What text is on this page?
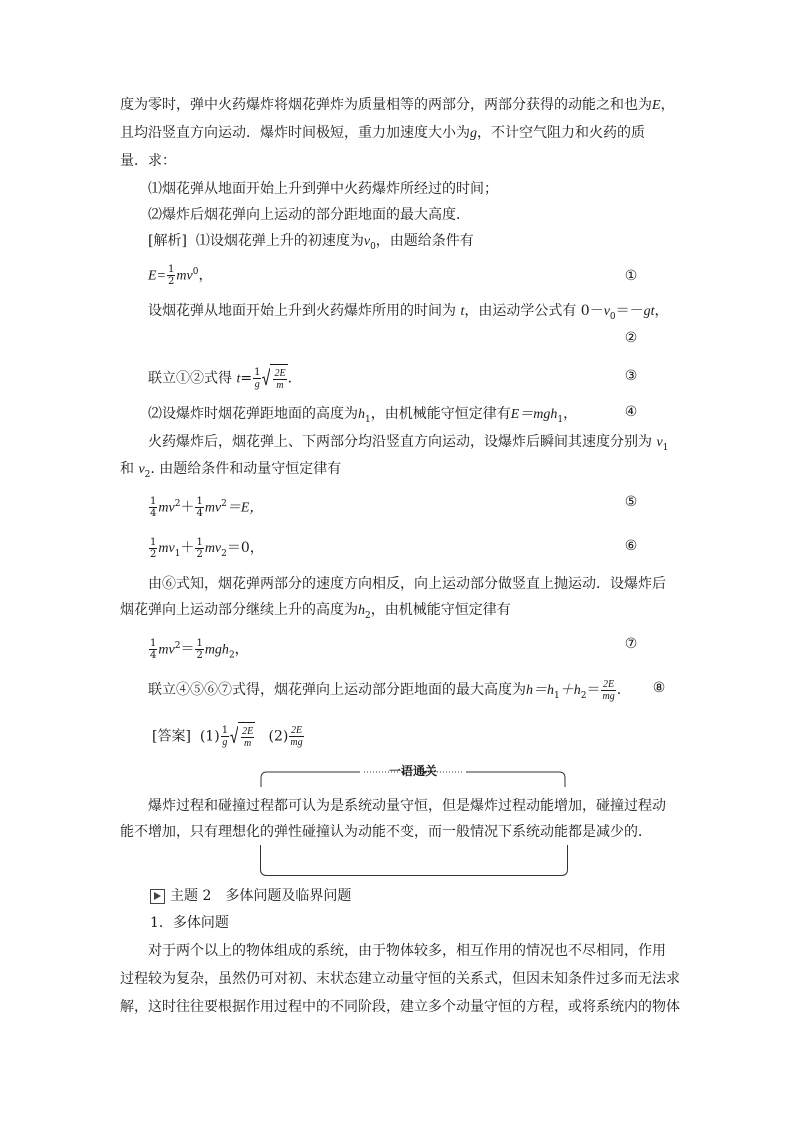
度为零时，弹中火药爆炸将烟花弹炸为质量相等的两部分，两部分获得的动能之和也为E，
且均沿竖直方向运动．爆炸时间极短，重力加速度大小为g，不计空气阻力和火药的质
量．求：
⑴烟花弹从地面开始上升到弹中火药爆炸所经过的时间；
⑵爆炸后烟花弹向上运动的部分距地面的最大高度．
[解析] ⑴设烟花弹上升的初速度为$v_0$，由题给条件有
$E= \frac{1}{2} mv^0$，	①
设烟花弹从地面开始上升到火药爆炸所用的时间为 t，由运动学公式有 $0-v_0=-gt$，
②
联立①②式得 $t= \frac{1}{g} \frac{2E}{m}$ .	③
⑵设爆炸时烟花弹距地面的高度为$h_1$，由机械能守恒定律有E＝mgh$_1$，	④
火药爆炸后，烟花弹上、下两部分均沿竖直方向运动，设爆炸后瞬间其速度分别为 $v_1$
和 $v_2$. 由题给条件和动量守恒定律有
$\frac{1}{4} mv^2+ \frac{1}{4} mv^2=E$，	⑤
$\frac{1}{2} mv_1+ \frac{1}{2} mv_2=0$，	⑥
由⑥式知，烟花弹两部分的速度方向相反，向上运动部分做竖直上抛运动．设爆炸后
烟花弹向上运动部分继续上升的高度为$h_2$，由机械能守恒定律有
$\frac{1}{4} mv^2= \frac{1}{2} mgh_2$，	⑦
联立④⑤⑥⑦式得，烟花弹向上运动部分距地面的最大高度为$h=h_1+h_2= \frac{2E}{mg}$ .	⑧
[答案] $(1) \frac{1}{g} \frac{2E}{m} (2) \frac{2E}{mg}$
一语通关
爆炸过程和碰撞过程都可认为是系统动量守恒，但是爆炸过程动能增加，碰撞过程动
能不增加，只有理想化的弹性碰撞认为动能不变，而一般情况下系统动能都是减少的．
主题 2　多体问题及临界问题
1．多体问题
对于两个以上的物体组成的系统，由于物体较多，相互作用的情况也不尽相同，作用
过程较为复杂，虽然仍可对初、末状态建立动量守恒的关系式，但因未知条件过多而无法求
解，这时往往要根据作用过程中的不同阶段，建立多个动量守恒的方程，或将系统内的物体
